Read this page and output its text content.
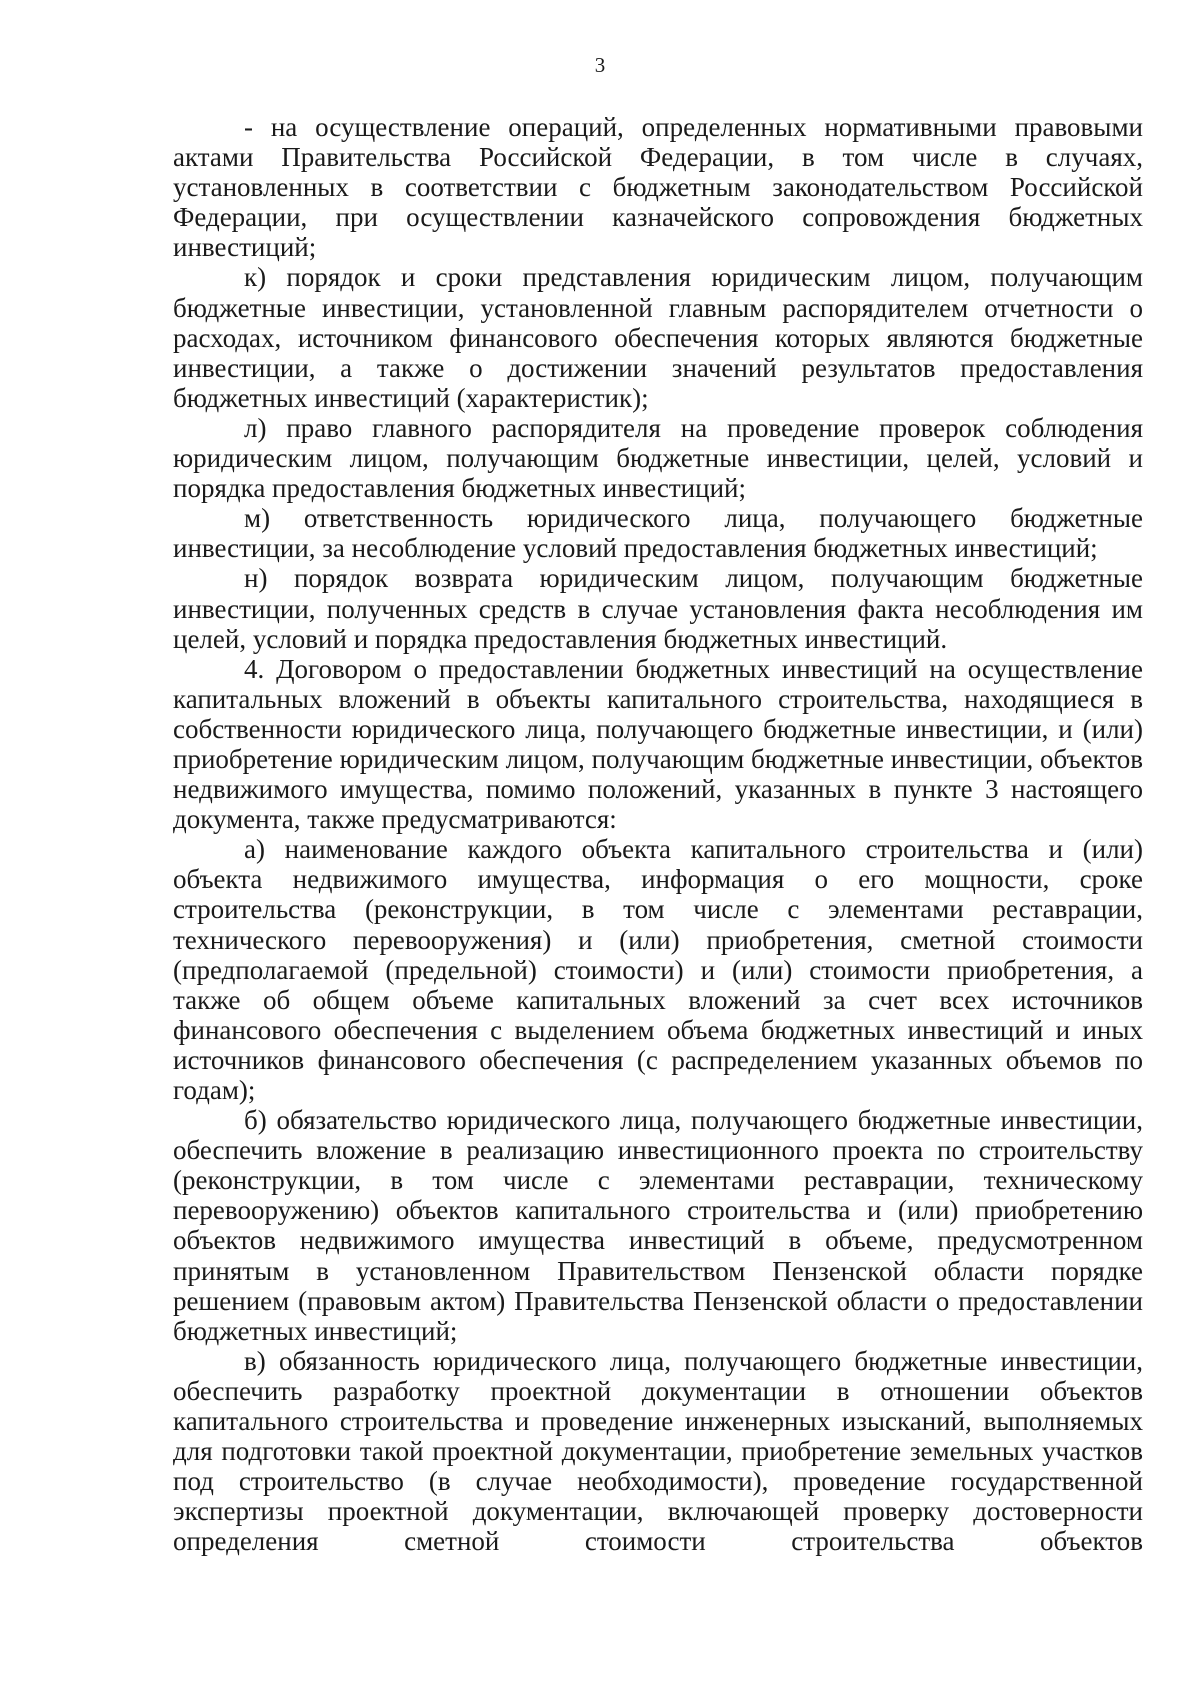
3

- на осуществление операций, определенных нормативными правовыми актами Правительства Российской Федерации, в том числе в случаях, установленных в соответствии с бюджетным законодательством Российской Федерации, при осуществлении казначейского сопровождения бюджетных инвестиций;

к) порядок и сроки представления юридическим лицом, получающим бюджетные инвестиции, установленной главным распорядителем отчетности о расходах, источником финансового обеспечения которых являются бюджетные инвестиции, а также о достижении значений результатов предоставления бюджетных инвестиций (характеристик);

л) право главного распорядителя на проведение проверок соблюдения юридическим лицом, получающим бюджетные инвестиции, целей, условий и порядка предоставления бюджетных инвестиций;

м) ответственность юридического лица, получающего бюджетные инвестиции, за несоблюдение условий предоставления бюджетных инвестиций;

н) порядок возврата юридическим лицом, получающим бюджетные инвестиции, полученных средств в случае установления факта несоблюдения им целей, условий и порядка предоставления бюджетных инвестиций.

4. Договором о предоставлении бюджетных инвестиций на осуществление капитальных вложений в объекты капитального строительства, находящиеся в собственности юридического лица, получающего бюджетные инвестиции, и (или) приобретение юридическим лицом, получающим бюджетные инвестиции, объектов недвижимого имущества, помимо положений, указанных в пункте 3 настоящего документа, также предусматриваются:

а) наименование каждого объекта капитального строительства и (или) объекта недвижимого имущества, информация о его мощности, сроке строительства (реконструкции, в том числе с элементами реставрации, технического перевооружения) и (или) приобретения, сметной стоимости (предполагаемой (предельной) стоимости) и (или) стоимости приобретения, а также об общем объеме капитальных вложений за счет всех источников финансового обеспечения с выделением объема бюджетных инвестиций и иных источников финансового обеспечения (с распределением указанных объемов по годам);

б) обязательство юридического лица, получающего бюджетные инвестиции, обеспечить вложение в реализацию инвестиционного проекта по строительству (реконструкции, в том числе с элементами реставрации, техническому перевооружению) объектов капитального строительства и (или) приобретению объектов недвижимого имущества инвестиций в объеме, предусмотренном принятым в установленном Правительством Пензенской области порядке решением (правовым актом) Правительства Пензенской области о предоставлении бюджетных инвестиций;

в) обязанность юридического лица, получающего бюджетные инвестиции, обеспечить разработку проектной документации в отношении объектов капитального строительства и проведение инженерных изысканий, выполняемых для подготовки такой проектной документации, приобретение земельных участков под строительство (в случае необходимости), проведение государственной экспертизы проектной документации, включающей проверку достоверности определения сметной стоимости строительства объектов
